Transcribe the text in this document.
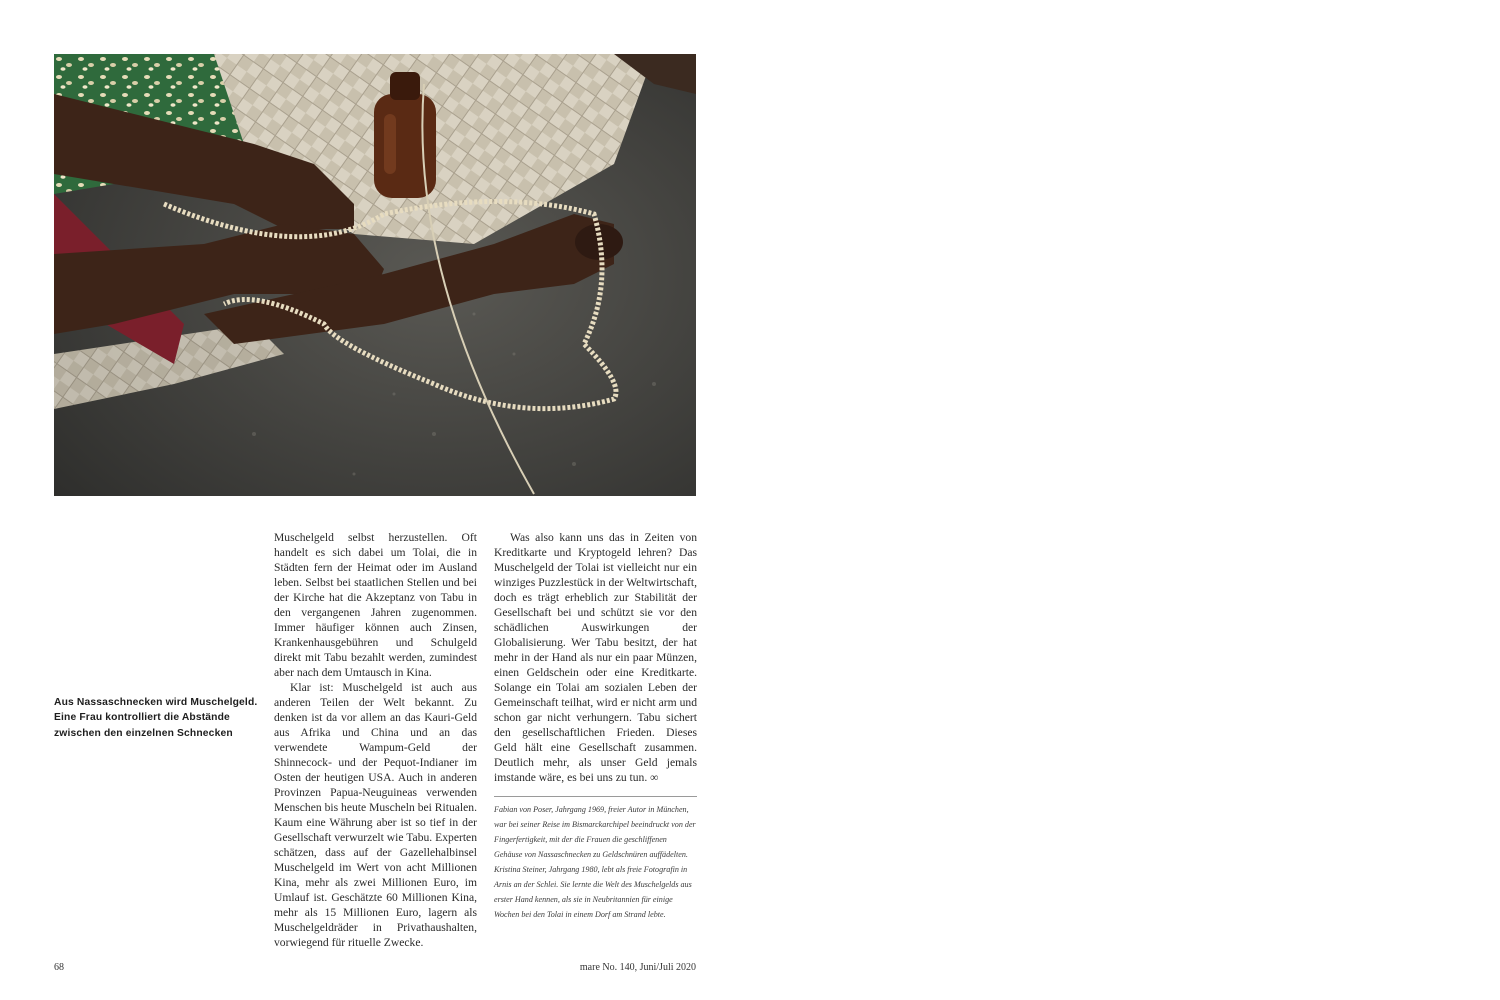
Aus Nassaschnecken wird Muschelgeld.
Eine Frau kontrolliert die Abstände
zwischen den einzelnen Schnecken

Muschelgeld selbst herzustellen. Oft handelt es sich dabei um Tolai, die in Städten fern der Heimat oder im Ausland leben. Selbst bei staatlichen Stellen und bei der Kirche hat die Akzeptanz von Tabu in den vergangenen Jahren zugenommen. Immer häufiger können auch Zinsen, Krankenhausgebühren und Schulgeld direkt mit Tabu bezahlt werden, zumindest aber nach dem Umtausch in Kina.

Klar ist: Muschelgeld ist auch aus anderen Teilen der Welt bekannt. Zu denken ist da vor allem an das Kauri-Geld aus Afrika und China und an das verwendete Wampum-Geld der Shinnecock- und der Pequot-Indianer im Osten der heutigen USA. Auch in anderen Provinzen Papua-Neuguineas verwenden Menschen bis heute Muscheln bei Ritualen. Kaum eine Währung aber ist so tief in der Gesellschaft verwurzelt wie Tabu. Experten schätzen, dass auf der Gazellehalbinsel Muschelgeld im Wert von acht Millionen Kina, mehr als zwei Millionen Euro, im Umlauf ist. Geschätzte 60 Millionen Kina, mehr als 15 Millionen Euro, lagern als Muschelgeldräder in Privathaushalten, vorwiegend für rituelle Zwecke.

Was also kann uns das in Zeiten von Kreditkarte und Kryptogeld lehren? Das Muschelgeld der Tolai ist vielleicht nur ein winziges Puzzlestück in der Weltwirtschaft, doch es trägt erheblich zur Stabilität der Gesellschaft bei und schützt sie vor den schädlichen Auswirkungen der Globalisierung. Wer Tabu besitzt, der hat mehr in der Hand als nur ein paar Münzen, einen Geldschein oder eine Kreditkarte. Solange ein Tolai am sozialen Leben der Gemeinschaft teilhat, wird er nicht arm und schon gar nicht verhungern. Tabu sichert den gesellschaftlichen Frieden. Dieses Geld hält eine Gesellschaft zusammen. Deutlich mehr, als unser Geld jemals imstande wäre, es bei uns zu tun. ∞

Fabian von Poser, Jahrgang 1969, freier Autor in München, war bei seiner Reise im Bismarckarchipel beeindruckt von der Fingerfertigkeit, mit der die Frauen die geschliffenen Gehäuse von Nassaschnecken zu Geldschnüren auffädelten.

Kristina Steiner, Jahrgang 1980, lebt als freie Fotografin in Arnis an der Schlei. Sie lernte die Welt des Muschelgelds aus erster Hand kennen, als sie in Neubritannien für einige Wochen bei den Tolai in einem Dorf am Strand lebte.

68	mare No. 140, Juni/Juli 2020
